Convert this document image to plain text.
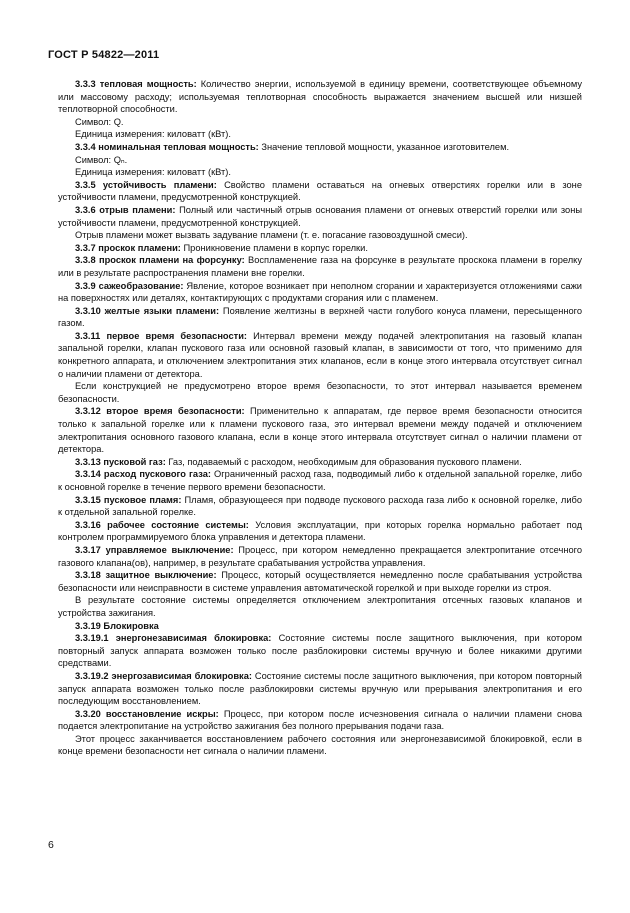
ГОСТ Р 54822—2011

3.3.3 тепловая мощность: Количество энергии, используемой в единицу времени, соответствующее объемному или массовому расходу; используемая теплотворная способность выражается значением высшей или низшей теплотворной способности.

Символ: Q.

Единица измерения: киловатт (кВт).

3.3.4 номинальная тепловая мощность: Значение тепловой мощности, указанное изготовителем.

Символ: Qₙ.

Единица измерения: киловатт (кВт).

3.3.5 устойчивость пламени: Свойство пламени оставаться на огневых отверстиях горелки или в зоне устойчивости пламени, предусмотренной конструкцией.

3.3.6 отрыв пламени: Полный или частичный отрыв основания пламени от огневых отверстий горелки или зоны устойчивости пламени, предусмотренной конструкцией.

Отрыв пламени может вызвать задувание пламени (т. е. погасание газовоздушной смеси).

3.3.7 проскок пламени: Проникновение пламени в корпус горелки.

3.3.8 проскок пламени на форсунку: Воспламенение газа на форсунке в результате проскока пламени в горелку или в результате распространения пламени вне горелки.

3.3.9 сажеобразование: Явление, которое возникает при неполном сгорании и характеризуется отложениями сажи на поверхностях или деталях, контактирующих с продуктами сгорания или с пламенем.

3.3.10 желтые языки пламени: Появление желтизны в верхней части голубого конуса пламени, пересыщенного газом.

3.3.11 первое время безопасности: Интервал времени между подачей электропитания на газовый клапан запальной горелки, клапан пускового газа или основной газовый клапан, в зависимости от того, что применимо для конкретного аппарата, и отключением электропитания этих клапанов, если в конце этого интервала отсутствует сигнал о наличии пламени от детектора.

Если конструкцией не предусмотрено второе время безопасности, то этот интервал называется временем безопасности.

3.3.12 второе время безопасности: Применительно к аппаратам, где первое время безопасности относится только к запальной горелке или к пламени пускового газа, это интервал времени между подачей и отключением электропитания основного газового клапана, если в конце этого интервала отсутствует сигнал о наличии пламени от детектора.

3.3.13 пусковой газ: Газ, подаваемый с расходом, необходимым для образования пускового пламени.

3.3.14 расход пускового газа: Ограниченный расход газа, подводимый либо к отдельной запальной горелке, либо к основной горелке в течение первого времени безопасности.

3.3.15 пусковое пламя: Пламя, образующееся при подводе пускового расхода газа либо к основной горелке, либо к отдельной запальной горелке.

3.3.16 рабочее состояние системы: Условия эксплуатации, при которых горелка нормально работает под контролем программируемого блока управления и детектора пламени.

3.3.17 управляемое выключение: Процесс, при котором немедленно прекращается электропитание отсечного газового клапана(ов), например, в результате срабатывания устройства управления.

3.3.18 защитное выключение: Процесс, который осуществляется немедленно после срабатывания устройства безопасности или неисправности в системе управления автоматической горелкой и при выходе горелки из строя.

В результате состояние системы определяется отключением электропитания отсечных газовых клапанов и устройства зажигания.

3.3.19 Блокировка

3.3.19.1 энергонезависимая блокировка: Состояние системы после защитного выключения, при котором повторный запуск аппарата возможен только после разблокировки системы вручную и более никакими другими средствами.

3.3.19.2 энергозависимая блокировка: Состояние системы после защитного выключения, при котором повторный запуск аппарата возможен только после разблокировки системы вручную или прерывания электропитания и его последующим восстановлением.

3.3.20 восстановление искры: Процесс, при котором после исчезновения сигнала о наличии пламени снова подается электропитание на устройство зажигания без полного прерывания подачи газа.

Этот процесс заканчивается восстановлением рабочего состояния или энергонезависимой блокировкой, если в конце времени безопасности нет сигнала о наличии пламени.

6
